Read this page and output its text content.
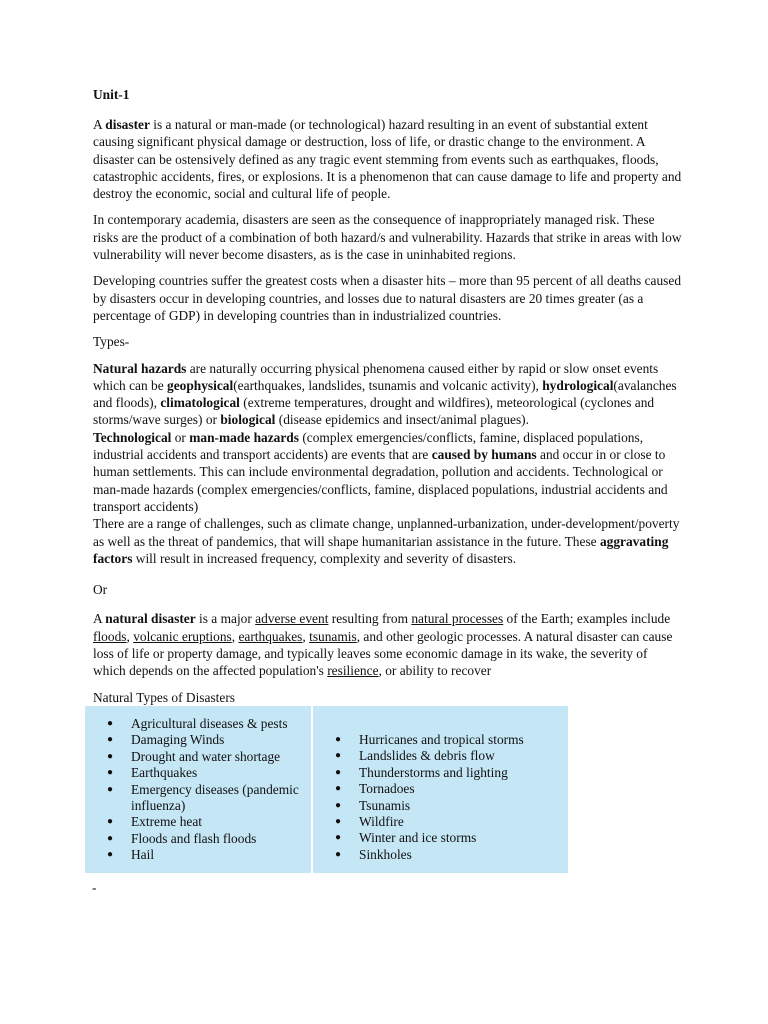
Unit-1

A disaster is a natural or man-made (or technological) hazard resulting in an event of substantial extent causing significant physical damage or destruction, loss of life, or drastic change to the environment. A disaster can be ostensively defined as any tragic event stemming from events such as earthquakes, floods, catastrophic accidents, fires, or explosions. It is a phenomenon that can cause damage to life and property and destroy the economic, social and cultural life of people.

In contemporary academia, disasters are seen as the consequence of inappropriately managed risk. These risks are the product of a combination of both hazard/s and vulnerability. Hazards that strike in areas with low vulnerability will never become disasters, as is the case in uninhabited regions.

Developing countries suffer the greatest costs when a disaster hits – more than 95 percent of all deaths caused by disasters occur in developing countries, and losses due to natural disasters are 20 times greater (as a percentage of GDP) in developing countries than in industrialized countries.

Types-

Natural hazards are naturally occurring physical phenomena caused either by rapid or slow onset events which can be geophysical(earthquakes, landslides, tsunamis and volcanic activity), hydrological(avalanches and floods), climatological (extreme temperatures, drought and wildfires), meteorological (cyclones and storms/wave surges) or biological (disease epidemics and insect/animal plagues).

Technological or man-made hazards (complex emergencies/conflicts, famine, displaced populations, industrial accidents and transport accidents) are events that are caused by humans and occur in or close to human settlements. This can include environmental degradation, pollution and accidents. Technological or man-made hazards (complex emergencies/conflicts, famine, displaced populations, industrial accidents and transport accidents)

There are a range of challenges, such as climate change, unplanned-urbanization, under-development/poverty as well as the threat of pandemics, that will shape humanitarian assistance in the future. These aggravating factors will result in increased frequency, complexity and severity of disasters.

Or

A natural disaster is a major adverse event resulting from natural processes of the Earth; examples include floods, volcanic eruptions, earthquakes, tsunamis, and other geologic processes. A natural disaster can cause loss of life or property damage, and typically leaves some economic damage in its wake, the severity of which depends on the affected population's resilience, or ability to recover

Natural Types of Disasters

●	Agricultural diseases & pests
●	Damaging Winds
●	Drought and water shortage
●	Earthquakes
●	Emergency diseases (pandemic influenza)
●	Extreme heat
●	Floods and flash floods
●	Hail
●	Hurricanes and tropical storms
●	Landslides & debris flow
●	Thunderstorms and lighting
●	Tornadoes
●	Tsunamis
●	Wildfire
●	Winter and ice storms
●	Sinkholes
-
